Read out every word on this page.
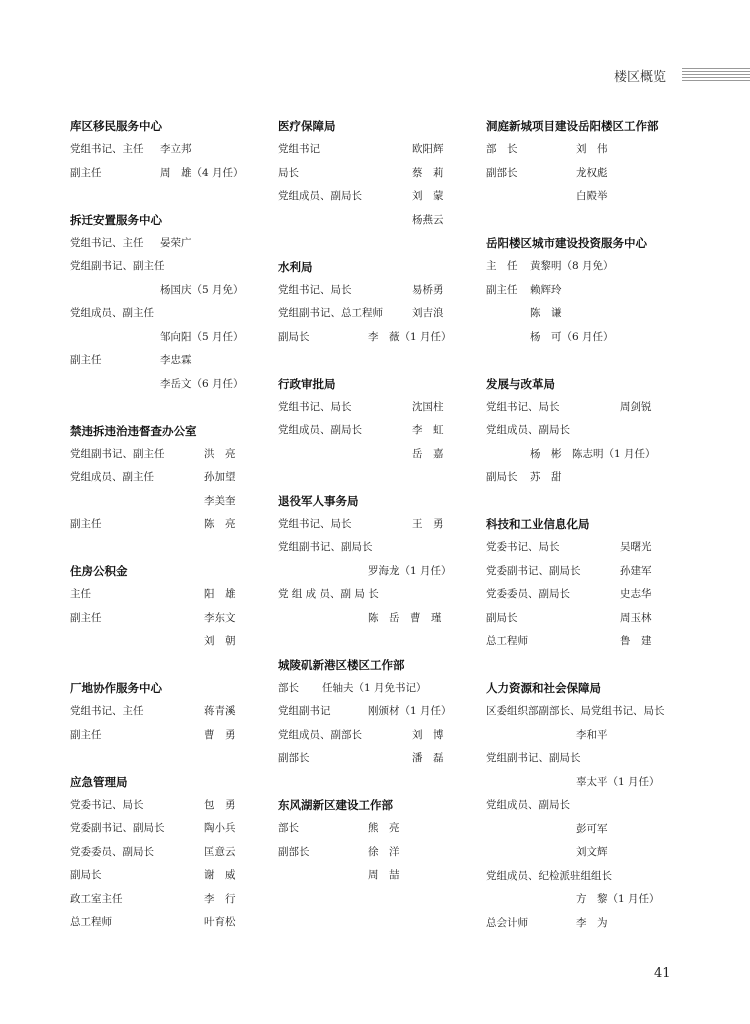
楼区概览
库区移民服务中心
党组书记、主任 李立邦
副主任	周　雄（4 月任）
拆迁安置服务中心
党组书记、主任 晏荣广
党组副书记、副主任
杨国庆（5 月免）
党组成员、副主任
邹向阳（5 月任）
副主任	李忠霖
李岳文（6 月任）
禁违拆违治违督查办公室
党组副书记、副主任	洪　亮
党组成员、副主任	孙加望
李美奎
副主任	陈　亮
住房公积金
主任	阳　雄
副主任	李东文
刘　朝
厂地协作服务中心
党组书记、主任	蒋青溪
副主任	曹　勇
应急管理局
党委书记、局长	包　勇
党委副书记、副局长	陶小兵
党委委员、副局长	匡意云
副局长	谢　威
政工室主任	李　行
总工程师	叶育松
医疗保障局
党组书记	欧阳辉
局长	蔡　莉
党组成员、副局长	刘　蒙
杨燕云
水利局
党组书记、局长	易桥勇
党组副书记、总工程师	刘吉浪
副局长	李　薇（1 月任）
行政审批局
党组书记、局长	沈国柱
党组成员、副局长	李　虹
岳　嘉
退役军人事务局
党组书记、局长	王　勇
党组副书记、副局长
罗海龙（1 月任）
党 组 成 员、副 局 长
陈　岳　曹　瑾
城陵矶新港区楼区工作部
部长 任轴夫（1 月免书记）
党组副书记	刚颁材（1 月任）
党组成员、副部长	刘　博
副部长	潘　磊
东风湖新区建设工作部
部长	熊　亮
副部长	徐　洋
周　喆
洞庭新城项目建设岳阳楼区工作部
部　长	刘　伟
副部长	龙权彪
白殿举
岳阳楼区城市建设投资服务中心
主　任 黄黎明（8 月免）
副主任 赖辉玲
陈　谦
杨　可（6 月任）
发展与改革局
党组书记、局长	周剑锐
党组成员、副局长
杨　彬　陈志明（1 月任）
副局长 苏　甜
科技和工业信息化局
党委书记、局长	吴曙光
党委副书记、副局长	孙建军
党委委员、副局长	史志华
副局长	周玉林
总工程师	鲁　建
人力资源和社会保障局
区委组织部副部长、局党组书记、局长
李和平
党组副书记、副局长
辜太平（1 月任）
党组成员、副局长
彭可军
刘文辉
党组成员、纪检派驻组组长
方　黎（1 月任）
总会计师	李　为
41
